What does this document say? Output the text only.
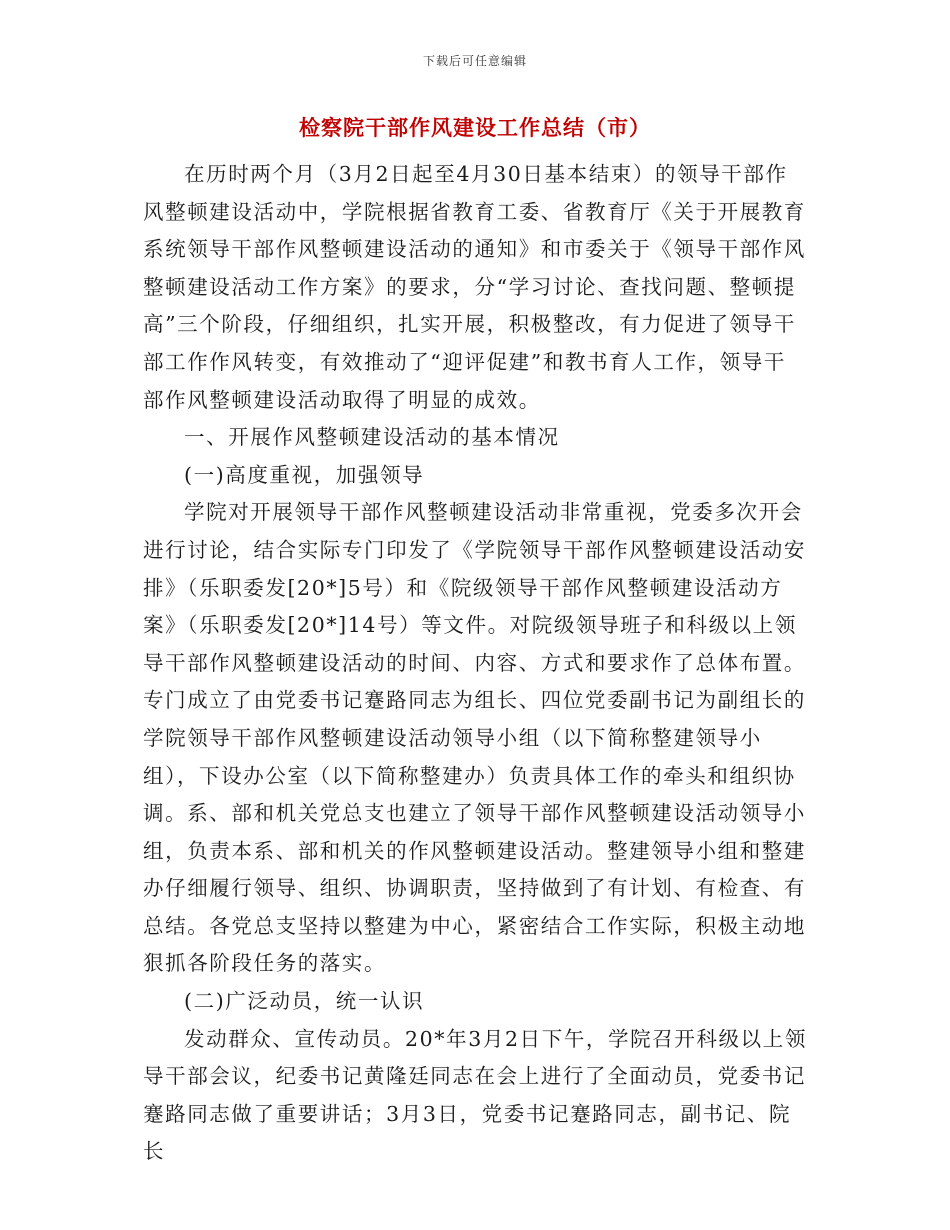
下载后可任意编辑
检察院干部作风建设工作总结（市）

在历时两个月（3月2日起至4月30日基本结束）的领导干部作风整顿建设活动中，学院根据省教育工委、省教育厅《关于开展教育系统领导干部作风整顿建设活动的通知》和市委关于《领导干部作风整顿建设活动工作方案》的要求，分“学习讨论、查找问题、整顿提高”三个阶段，仔细组织，扎实开展，积极整改，有力促进了领导干部工作作风转变，有效推动了“迎评促建”和教书育人工作，领导干部作风整顿建设活动取得了明显的成效。

一、开展作风整顿建设活动的基本情况

(一)高度重视，加强领导

学院对开展领导干部作风整顿建设活动非常重视，党委多次开会进行讨论，结合实际专门印发了《学院领导干部作风整顿建设活动安排》（乐职委发[20*]5号）和《院级领导干部作风整顿建设活动方案》（乐职委发[20*]14号）等文件。对院级领导班子和科级以上领导干部作风整顿建设活动的时间、内容、方式和要求作了总体布置。专门成立了由党委书记蹇路同志为组长、四位党委副书记为副组长的学院领导干部作风整顿建设活动领导小组（以下简称整建领导小组），下设办公室（以下简称整建办）负责具体工作的牵头和组织协调。系、部和机关党总支也建立了领导干部作风整顿建设活动领导小组，负责本系、部和机关的作风整顿建设活动。整建领导小组和整建办仔细履行领导、组织、协调职责，坚持做到了有计划、有检查、有总结。各党总支坚持以整建为中心，紧密结合工作实际，积极主动地狠抓各阶段任务的落实。

(二)广泛动员，统一认识

发动群众、宣传动员。20*年3月2日下午，学院召开科级以上领导干部会议，纪委书记黄隆廷同志在会上进行了全面动员，党委书记蹇路同志做了重要讲话；3月3日，党委书记蹇路同志，副书记、院长
